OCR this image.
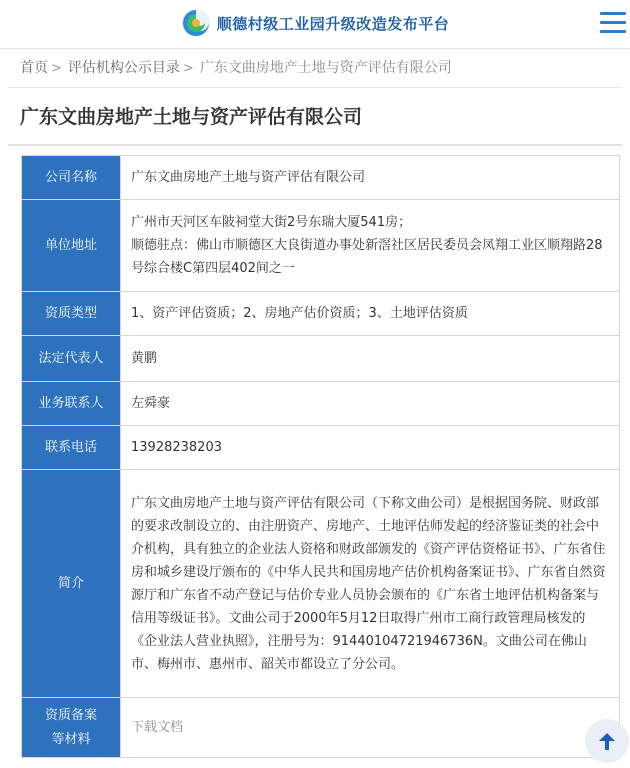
顺德村级工业园升级改造发布平台
首页 > 评估机构公示目录 > 广东文曲房地产土地与资产评估有限公司
广东文曲房地产土地与资产评估有限公司
公司名称	广东文曲房地产土地与资产评估有限公司
单位地址	广州市天河区车陂祠堂大街2号东瑞大厦541房；
顺德驻点：佛山市顺德区大良街道办事处新滘社区居民委员会凤翔工业区顺翔路28号综合楼C第四层402间之一

资质类型	1、资产评估资质；2、房地产估价资质；3、土地评估资质
法定代表人	黄鹏
业务联系人	左舜豪
联系电话	13928238203
简介	广东文曲房地产土地与资产评估有限公司（下称文曲公司）是根据国务院、财政部的要求改制设立的、由注册资产、房地产、土地评估师发起的经济鉴证类的社会中介机构，具有独立的企业法人资格和财政部颁发的《资产评估资格证书》、广东省住房和城乡建设厅颁布的《中华人民共和国房地产估价机构备案证书》、广东省自然资源厅和广东省不动产登记与估价专业人员协会颁布的《广东省土地评估机构备案与信用等级证书》。文曲公司于2000年5月12日取得广州市工商行政管理局核发的《企业法人营业执照》，注册号为：91440104721946736N。文曲公司在佛山市、梅州市、惠州市、韶关市都设立了分公司。

资质备案
等材料	下载文档
